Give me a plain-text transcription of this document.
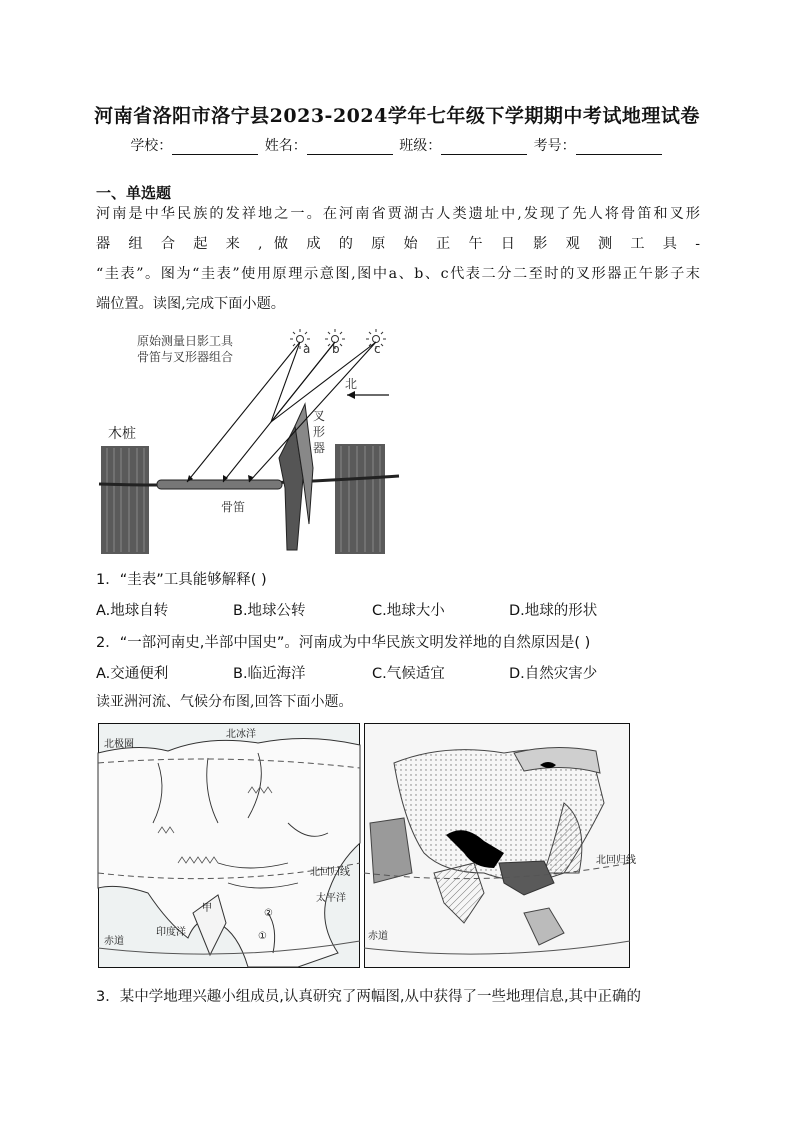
河南省洛阳市洛宁县2023-2024学年七年级下学期期中考试地理试卷
学校：	姓名：	班级：	考号：
一、单选题
河南是中华民族的发祥地之一。在河南省贾湖古人类遗址中,发现了先人将骨笛和叉形
器 组 合 起 来 , 做 成 的 原 始 正 午 日 影 观 测 工 具 -
“圭表”。图为“圭表”使用原理示意图,图中a、b、c代表二分二至时的叉形器正午影子末
端位置。读图,完成下面小题。
原始测量日影工具
骨笛与叉形器组合
a b	c
北
木桩
骨笛
叉
形
器
1．“圭表”工具能够解释( )
A.地球自转	B.地球公转	C.地球大小	D.地球的形状
2．“一部河南史,半部中国史”。河南成为中华民族文明发祥地的自然原因是( )
A.交通便利	B.临近海洋	C.气候适宜	D.自然灾害少
读亚洲河流、气候分布图,回答下面小题。
北冰洋
北极圈
北回归线
太平洋
印度洋
赤道
甲
①
②
北回归线
赤道
3．某中学地理兴趣小组成员,认真研究了两幅图,从中获得了一些地理信息,其中正确的
